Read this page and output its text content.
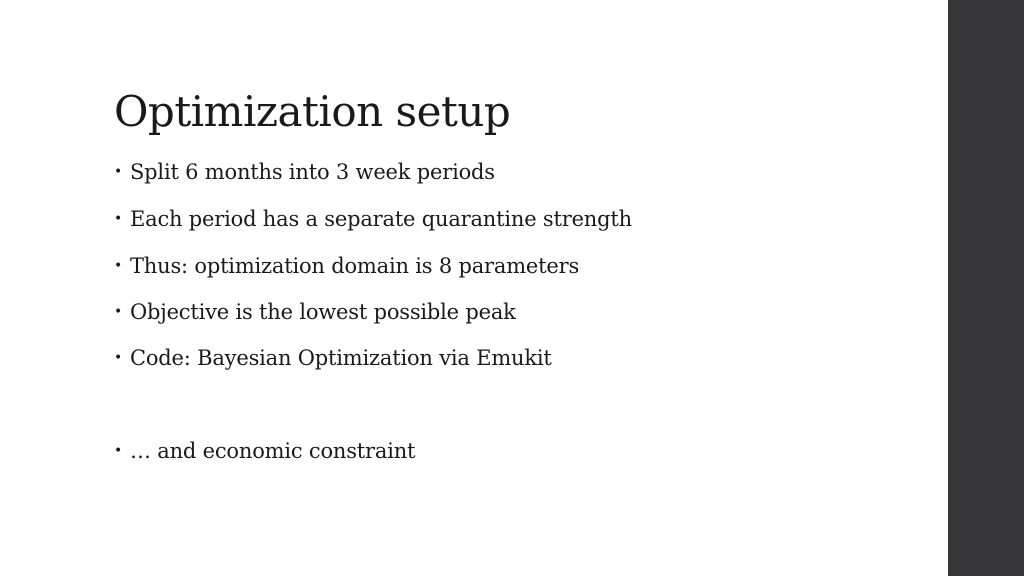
Optimization setup
• Split 6 months into 3 week periods
• Each period has a separate quarantine strength
• Thus: optimization domain is 8 parameters
• Objective is the lowest possible peak
• Code: Bayesian Optimization via Emukit
• … and economic constraint
